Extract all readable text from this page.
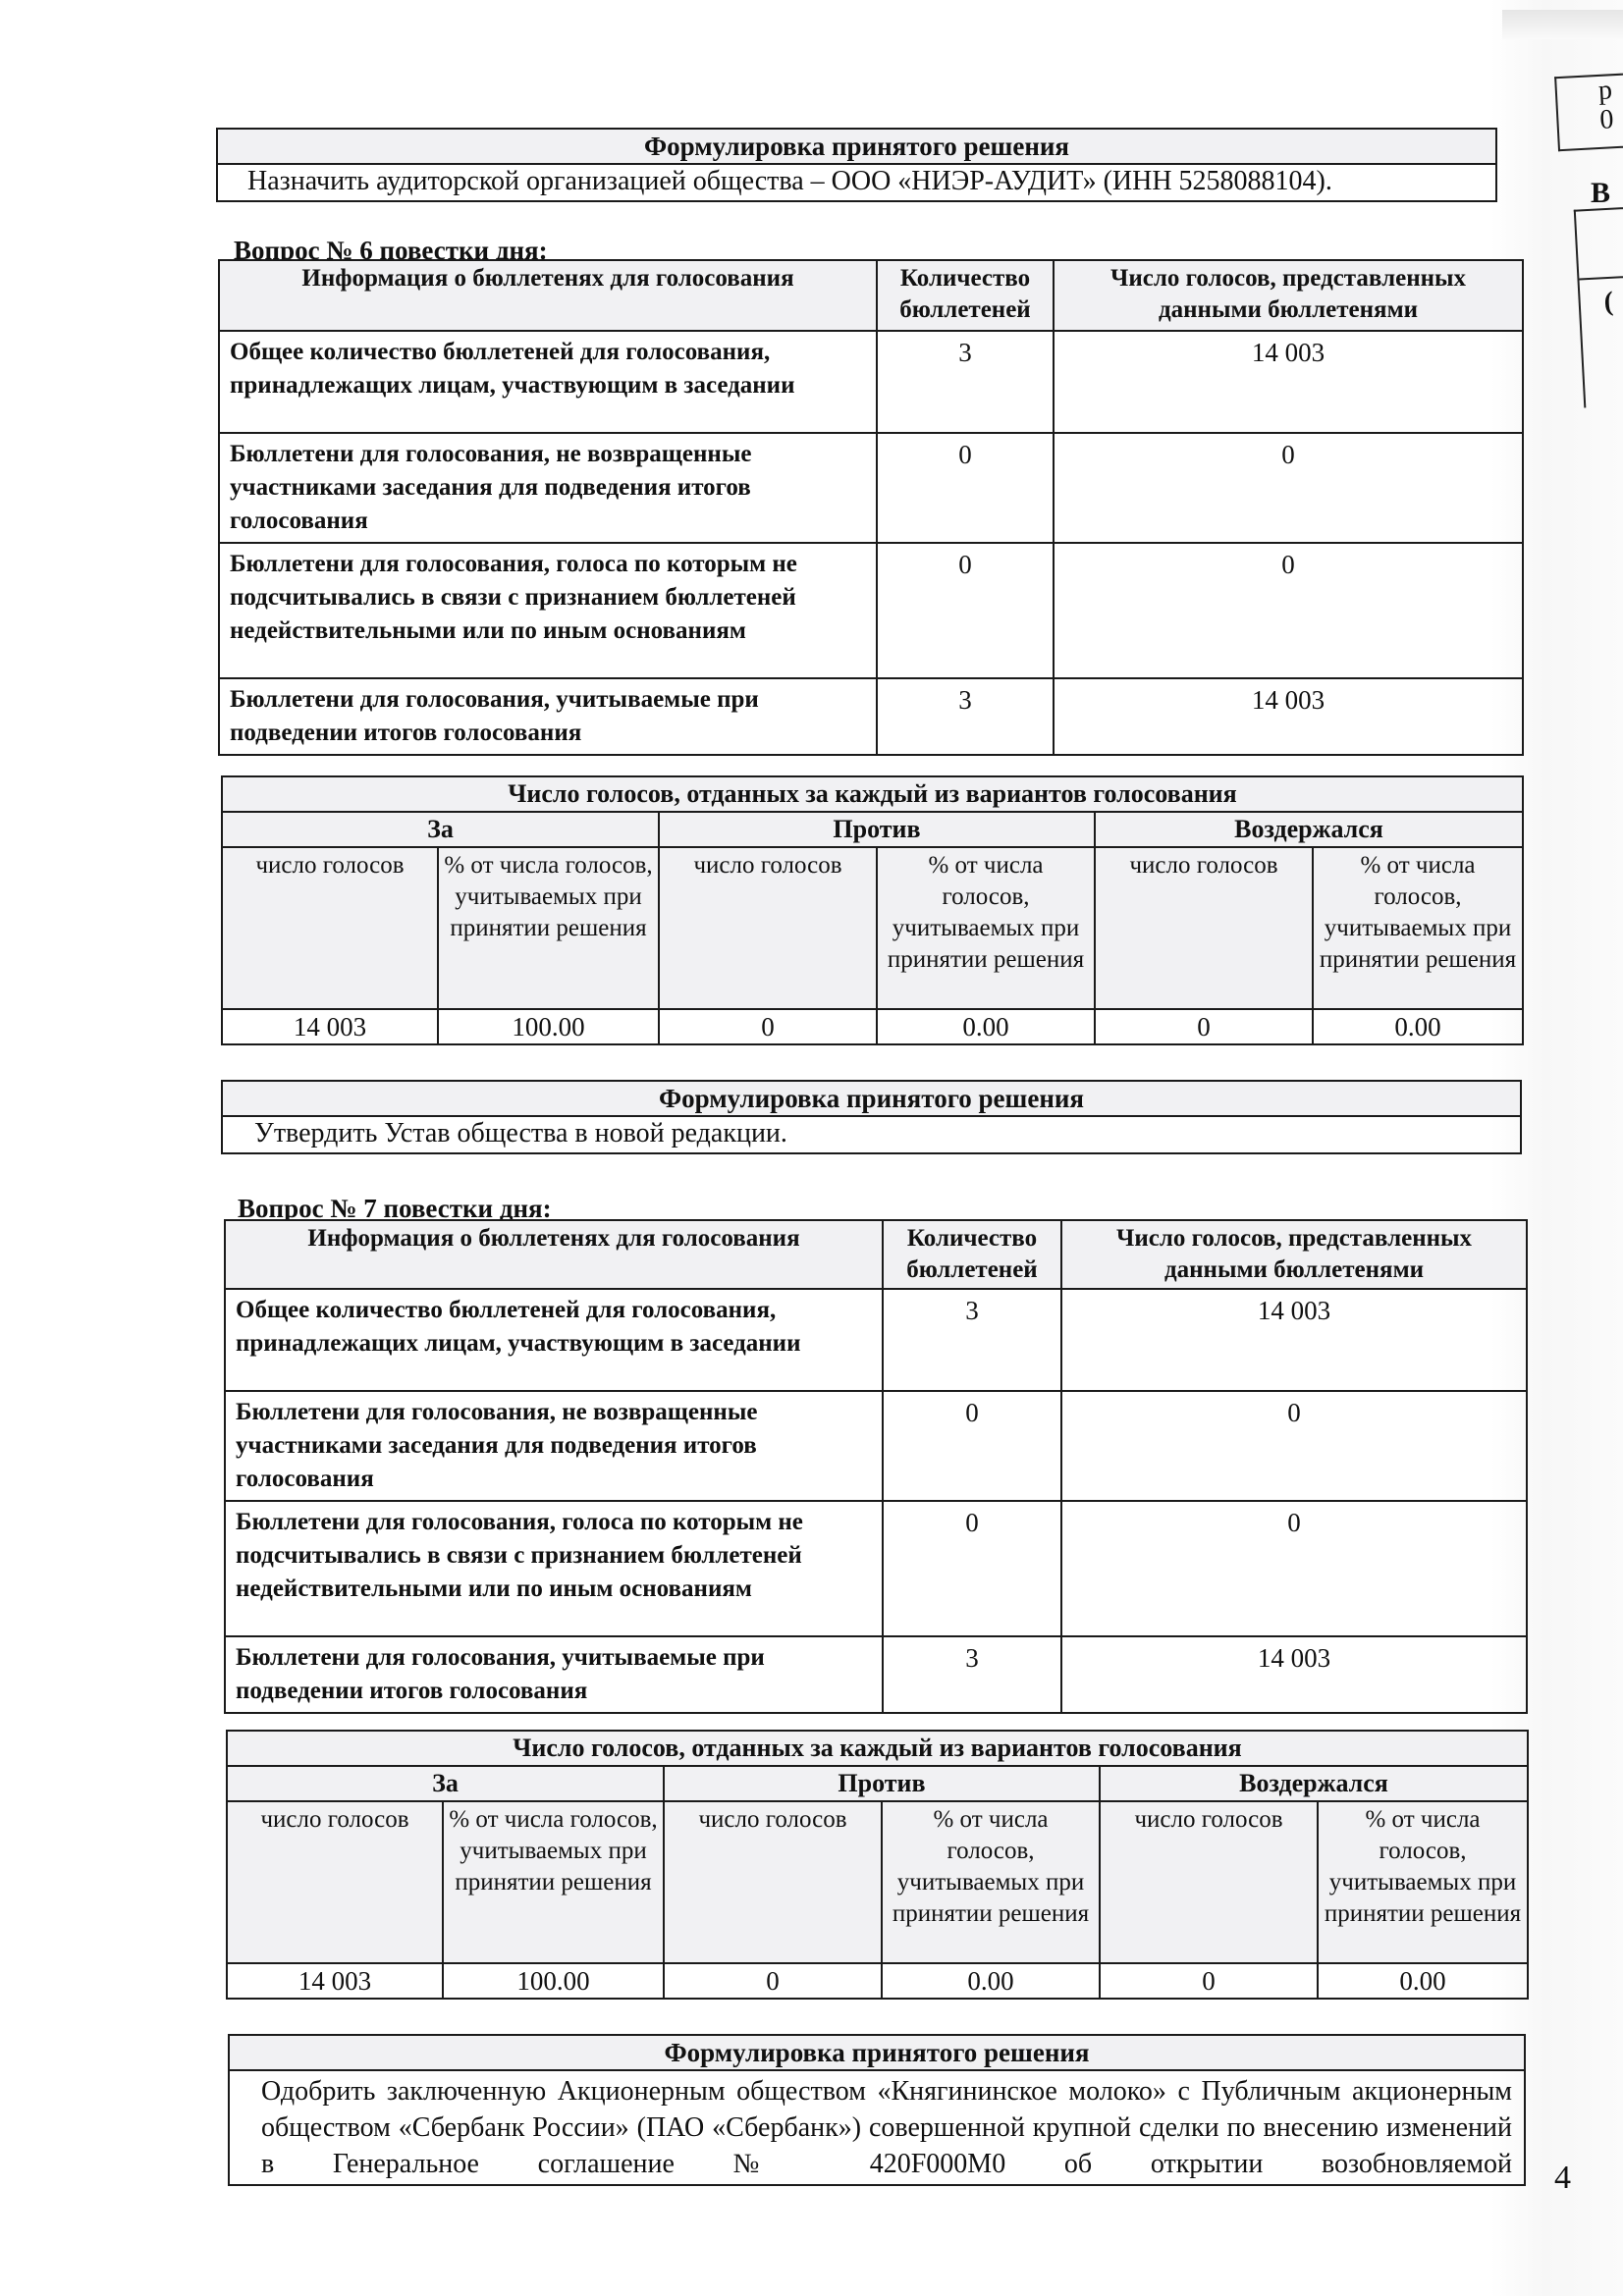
р
0
В
(
Формулировка принятого решения
Назначить аудиторской организацией общества – ООО «НИЭР-АУДИТ» (ИНН 5258088104).
Вопрос № 6 повестки дня:
Информация о бюллетенях для голосования	Количество бюллетеней	Число голосов, представленных данными бюллетенями
Общее количество бюллетеней для голосования, принадлежащих лицам, участвующим в заседании	3	14 003
Бюллетени для голосования, не возвращенные участниками заседания для подведения итогов голосования	0	0
Бюллетени для голосования, голоса по которым не подсчитывались в связи с признанием бюллетеней недействительными или по иным основаниям	0	0
Бюллетени для голосования, учитываемые при подведении итогов голосования	3	14 003
Число голосов, отданных за каждый из вариантов голосования					
За		Против		Воздержался	
число голосов	% от числа голосов, учитываемых при принятии решения	число голосов	% от числа голосов, учитываемых при принятии решения	число голосов	% от числа голосов, учитываемых при принятии решения
14 003	100.00	0	0.00	0	0.00
Формулировка принятого решения
Утвердить Устав общества в новой редакции.
Вопрос № 7 повестки дня:
Информация о бюллетенях для голосования	Количество бюллетеней	Число голосов, представленных данными бюллетенями
Общее количество бюллетеней для голосования, принадлежащих лицам, участвующим в заседании	3	14 003
Бюллетени для голосования, не возвращенные участниками заседания для подведения итогов голосования	0	0
Бюллетени для голосования, голоса по которым не подсчитывались в связи с признанием бюллетеней недействительными или по иным основаниям	0	0
Бюллетени для голосования, учитываемые при подведении итогов голосования	3	14 003
Число голосов, отданных за каждый из вариантов голосования					
За		Против		Воздержался	
число голосов	% от числа голосов, учитываемых при принятии решения	число голосов	% от числа голосов, учитываемых при принятии решения	число голосов	% от числа голосов, учитываемых при принятии решения
14 003	100.00	0	0.00	0	0.00
Формулировка принятого решения
Одобрить заключенную Акционерным обществом «Княгининское молоко» с Публичным акционерным обществом «Сбербанк России» (ПАО «Сбербанк») совершенной крупной сделки по внесению изменений в Генеральное соглашение № 420F000M0 об открытии возобновляемой 4
